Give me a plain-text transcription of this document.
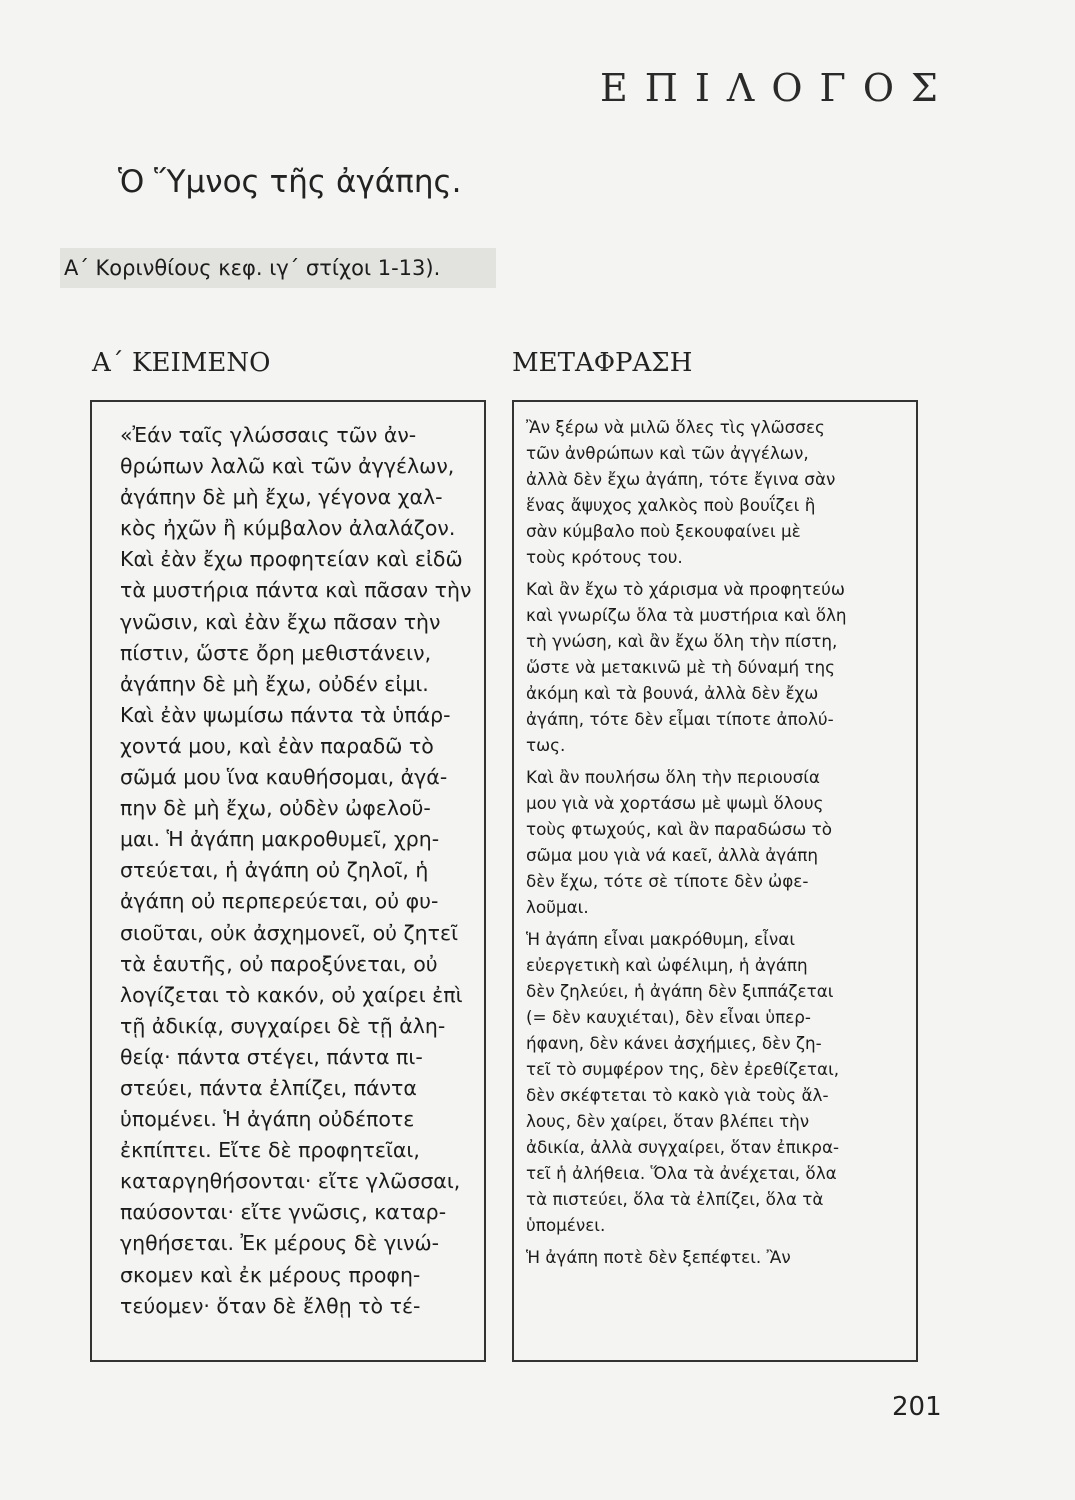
ΕΠΙΛΟΓΟΣ
Ὁ Ὕμνος τῆς ἀγάπης.
Α΄ Κορινθίους κεφ. ιγ΄ στίχοι 1-13).
Α΄ ΚΕΙΜΕΝΟ	ΜΕΤΑΦΡΑΣΗ

«Ἐάν ταῖς γλώσσαις τῶν ἀν-
θρώπων λαλῶ καὶ τῶν ἀγγέλων,
ἀγάπην δὲ μὴ ἔχω, γέγονα χαλ-
κὸς ἠχῶν ἢ κύμβαλον ἀλαλάζον.
Καὶ ἐὰν ἔχω προφητείαν καὶ εἰδῶ
τὰ μυστήρια πάντα καὶ πᾶσαν τὴν
γνῶσιν, καὶ ἐὰν ἔχω πᾶσαν τὴν
πίστιν, ὥστε ὄρη μεθιστάνειν,
ἀγάπην δὲ μὴ ἔχω, οὐδέν εἰμι.
Καὶ ἐὰν ψωμίσω πάντα τὰ ὑπάρ-
χοντά μου, καὶ ἐὰν παραδῶ τὸ
σῶμά μου ἵνα καυθήσομαι, ἀγά-
πην δὲ μὴ ἔχω, οὐδὲν ὠφελοῦ-
μαι. Ἡ ἀγάπη μακροθυμεῖ, χρη-
στεύεται, ἡ ἀγάπη οὐ ζηλοῖ, ἡ
ἀγάπη οὐ περπερεύεται, οὐ φυ-
σιοῦται, οὐκ ἀσχημονεῖ, οὐ ζητεῖ
τὰ ἑαυτῆς, οὐ παροξύνεται, οὐ
λογίζεται τὸ κακόν, οὐ χαίρει ἐπὶ
τῇ ἀδικίᾳ, συγχαίρει δὲ τῇ ἀλη-
θείᾳ· πάντα στέγει, πάντα πι-
στεύει, πάντα ἐλπίζει, πάντα
ὑπομένει. Ἡ ἀγάπη οὐδέποτε
ἐκπίπτει. Εἴτε δὲ προφητεῖαι,
καταργηθήσονται· εἴτε γλῶσσαι,
παύσονται· εἴτε γνῶσις, καταρ-
γηθήσεται. Ἐκ μέρους δὲ γινώ-
σκομεν καὶ ἐκ μέρους προφη-
τεύομεν· ὅταν δὲ ἔλθῃ τὸ τέ-

Ἂν ξέρω νὰ μιλῶ ὅλες τὶς γλῶσσες
τῶν ἀνθρώπων καὶ τῶν ἀγγέλων,
ἀλλὰ δὲν ἔχω ἀγάπη, τότε ἔγινα σὰν
ἕνας ἄψυχος χαλκὸς ποὺ βουΐζει ἢ
σὰν κύμβαλο ποὺ ξεκουφαίνει μὲ
τοὺς κρότους του.

Καὶ ἂν ἔχω τὸ χάρισμα νὰ προφητεύω
καὶ γνωρίζω ὅλα τὰ μυστήρια καὶ ὅλη
τὴ γνώση, καὶ ἂν ἔχω ὅλη τὴν πίστη,
ὥστε νὰ μετακινῶ μὲ τὴ δύναμή της
ἀκόμη καὶ τὰ βουνά, ἀλλὰ δὲν ἔχω
ἀγάπη, τότε δὲν εἶμαι τίποτε ἀπολύ-
τως.

Καὶ ἂν πουλήσω ὅλη τὴν περιουσία
μου γιὰ νὰ χορτάσω μὲ ψωμὶ ὅλους
τοὺς φτωχούς, καὶ ἂν παραδώσω τὸ
σῶμα μου γιὰ νά καεῖ, ἀλλὰ ἀγάπη
δὲν ἔχω, τότε σὲ τίποτε δὲν ὠφε-
λοῦμαι.

Ἡ ἀγάπη εἶναι μακρόθυμη, εἶναι
εὐεργετικὴ καὶ ὠφέλιμη, ἡ ἀγάπη
δὲν ζηλεύει, ἡ ἀγάπη δὲν ξιππάζεται
(= δὲν καυχιέται), δὲν εἶναι ὑπερ-
ήφανη, δὲν κάνει ἀσχήμιες, δὲν ζη-
τεῖ τὸ συμφέρον της, δὲν ἐρεθίζεται,
δὲν σκέφτεται τὸ κακὸ γιὰ τοὺς ἄλ-
λους, δὲν χαίρει, ὅταν βλέπει τὴν
ἀδικία, ἀλλὰ συγχαίρει, ὅταν ἐπικρα-
τεῖ ἡ ἀλήθεια. Ὅλα τὰ ἀνέχεται, ὅλα
τὰ πιστεύει, ὅλα τὰ ἐλπίζει, ὅλα τὰ
ὑπομένει.

Ἡ ἀγάπη ποτὲ δὲν ξεπέφτει. Ἂν

201
